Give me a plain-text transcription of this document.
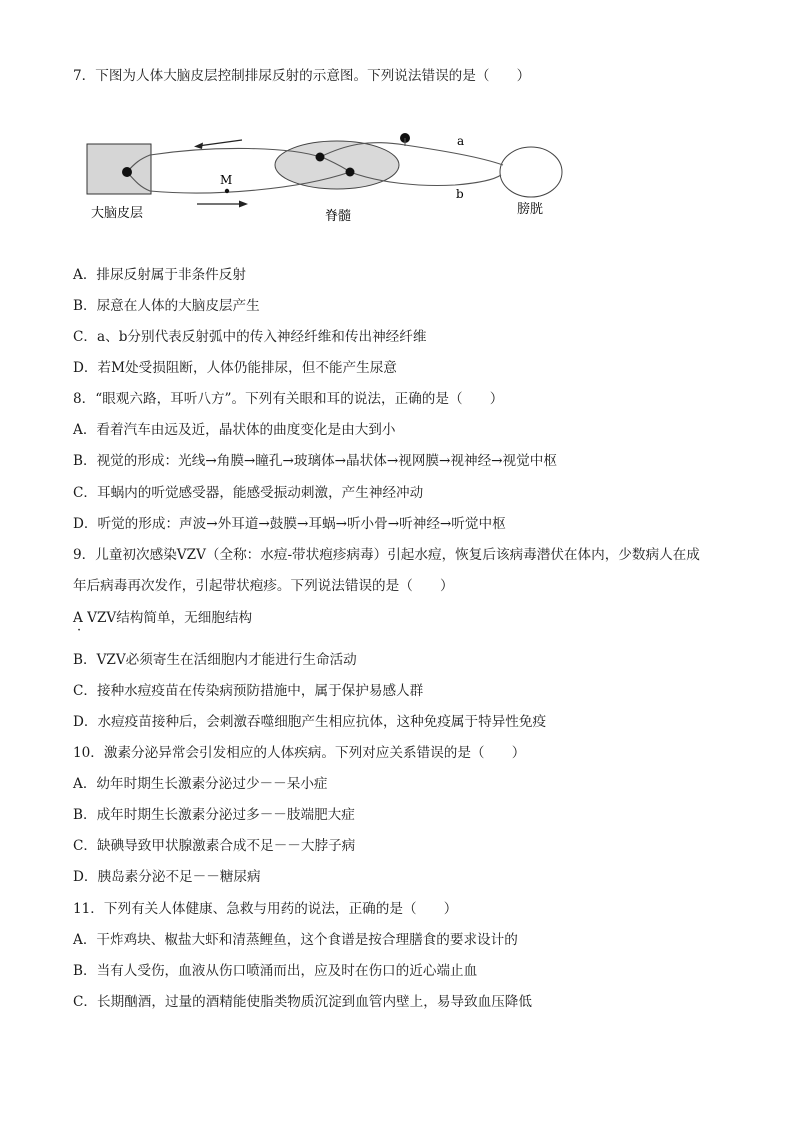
7．下图为人体大脑皮层控制排尿反射的示意图。下列说法错误的是（　　）
M
a
b
大脑皮层	脊髓	膀胱
A．排尿反射属于非条件反射
B．尿意在人体的大脑皮层产生
C．a、b分别代表反射弧中的传入神经纤维和传出神经纤维
D．若M处受损阻断，人体仍能排尿，但不能产生尿意
8．“眼观六路，耳听八方”。下列有关眼和耳的说法，正确的是（　　）
A．看着汽车由远及近，晶状体的曲度变化是由大到小
B．视觉的形成：光线→角膜→瞳孔→玻璃体→晶状体→视网膜→视神经→视觉中枢
C．耳蜗内的听觉感受器，能感受振动刺激，产生神经冲动
D．听觉的形成：声波→外耳道→鼓膜→耳蜗→听小骨→听神经→听觉中枢
9．儿童初次感染VZV（全称：水痘-带状疱疹病毒）引起水痘，恢复后该病毒潜伏在体内，少数病人在成
年后病毒再次发作，引起带状疱疹。下列说法错误的是（　　）
A VZV结构简单，无细胞结构
·
B．VZV必须寄生在活细胞内才能进行生命活动
C．接种水痘疫苗在传染病预防措施中，属于保护易感人群
D．水痘疫苗接种后，会刺激吞噬细胞产生相应抗体，这种免疫属于特异性免疫
10．激素分泌异常会引发相应的人体疾病。下列对应关系错误的是（　　）
A．幼年时期生长激素分泌过少－－呆小症
B．成年时期生长激素分泌过多－－肢端肥大症
C．缺碘导致甲状腺激素合成不足－－大脖子病
D．胰岛素分泌不足－－糖尿病
11．下列有关人体健康、急救与用药的说法，正确的是（　　）
A．干炸鸡块、椒盐大虾和清蒸鲤鱼，这个食谱是按合理膳食的要求设计的
B．当有人受伤，血液从伤口喷涌而出，应及时在伤口的近心端止血
C．长期酗酒，过量的酒精能使脂类物质沉淀到血管内壁上，易导致血压降低
